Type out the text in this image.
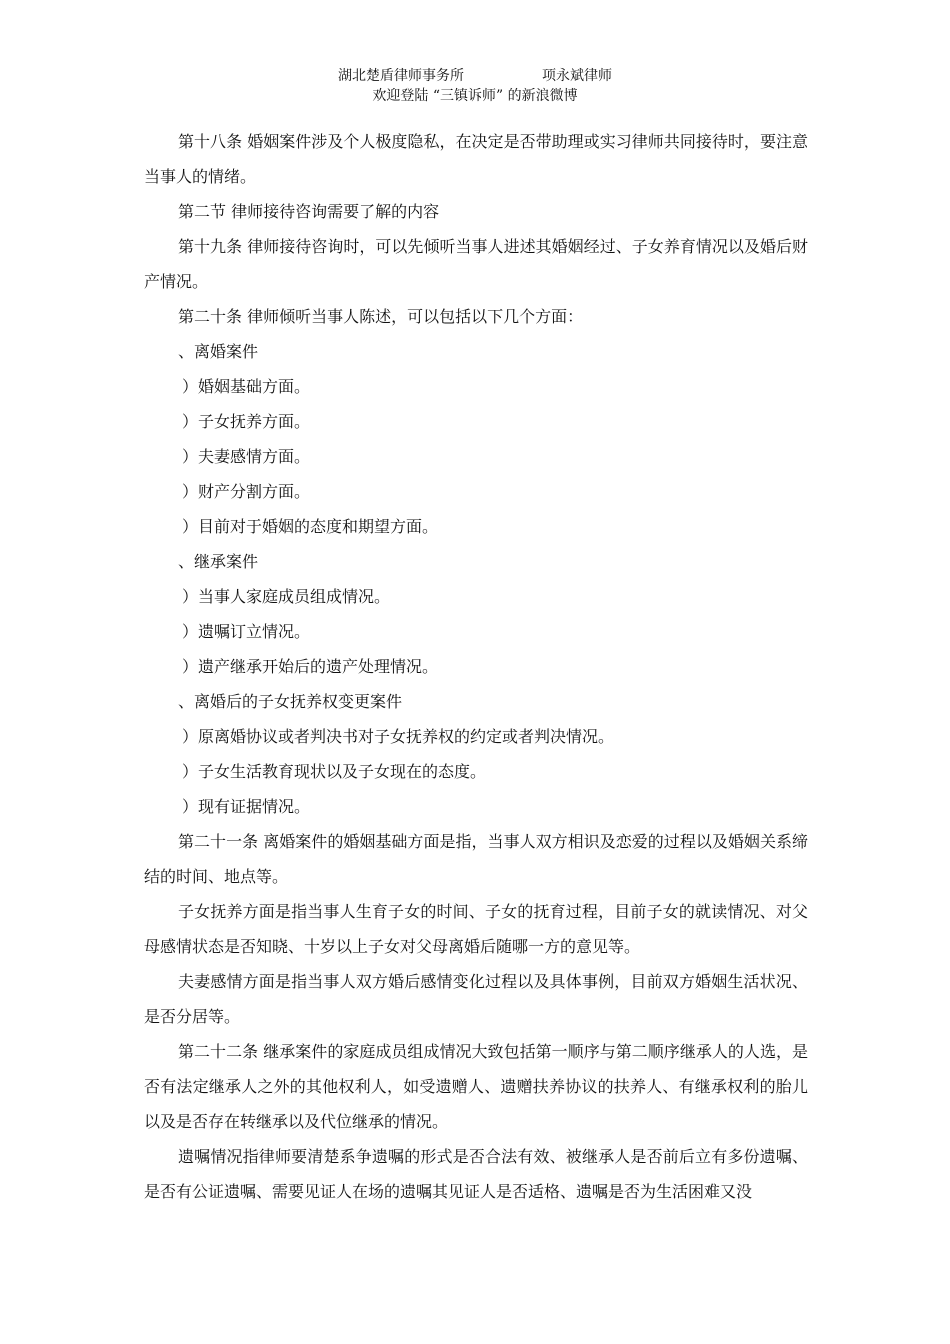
湖北楚盾律师事务所	项永斌律师
欢迎登陆 “三镇诉师” 的新浪微博

第十八条 婚姻案件涉及个人极度隐私，在决定是否带助理或实习律师共同接待时，要注意当事人的情绪。

第二节 律师接待咨询需要了解的内容

第十九条 律师接待咨询时，可以先倾听当事人进述其婚姻经过、子女养育情况以及婚后财产情况。

第二十条 律师倾听当事人陈述，可以包括以下几个方面：

、离婚案件

）婚姻基础方面。

）子女抚养方面。

）夫妻感情方面。

）财产分割方面。

）目前对于婚姻的态度和期望方面。

、继承案件

）当事人家庭成员组成情况。

）遗嘱订立情况。

）遗产继承开始后的遗产处理情况。

、离婚后的子女抚养权变更案件

）原离婚协议或者判决书对子女抚养权的约定或者判决情况。

）子女生活教育现状以及子女现在的态度。

）现有证据情况。

第二十一条 离婚案件的婚姻基础方面是指，当事人双方相识及恋爱的过程以及婚姻关系缔结的时间、地点等。

子女抚养方面是指当事人生育子女的时间、子女的抚育过程，目前子女的就读情况、对父母感情状态是否知晓、十岁以上子女对父母离婚后随哪一方的意见等。

夫妻感情方面是指当事人双方婚后感情变化过程以及具体事例，目前双方婚姻生活状况、是否分居等。

第二十二条 继承案件的家庭成员组成情况大致包括第一顺序与第二顺序继承人的人选，是否有法定继承人之外的其他权利人，如受遗赠人、遗赠扶养协议的扶养人、有继承权利的胎儿以及是否存在转继承以及代位继承的情况。

遗嘱情况指律师要清楚系争遗嘱的形式是否合法有效、被继承人是否前后立有多份遗嘱、是否有公证遗嘱、需要见证人在场的遗嘱其见证人是否适格、遗嘱是否为生活困难又没
